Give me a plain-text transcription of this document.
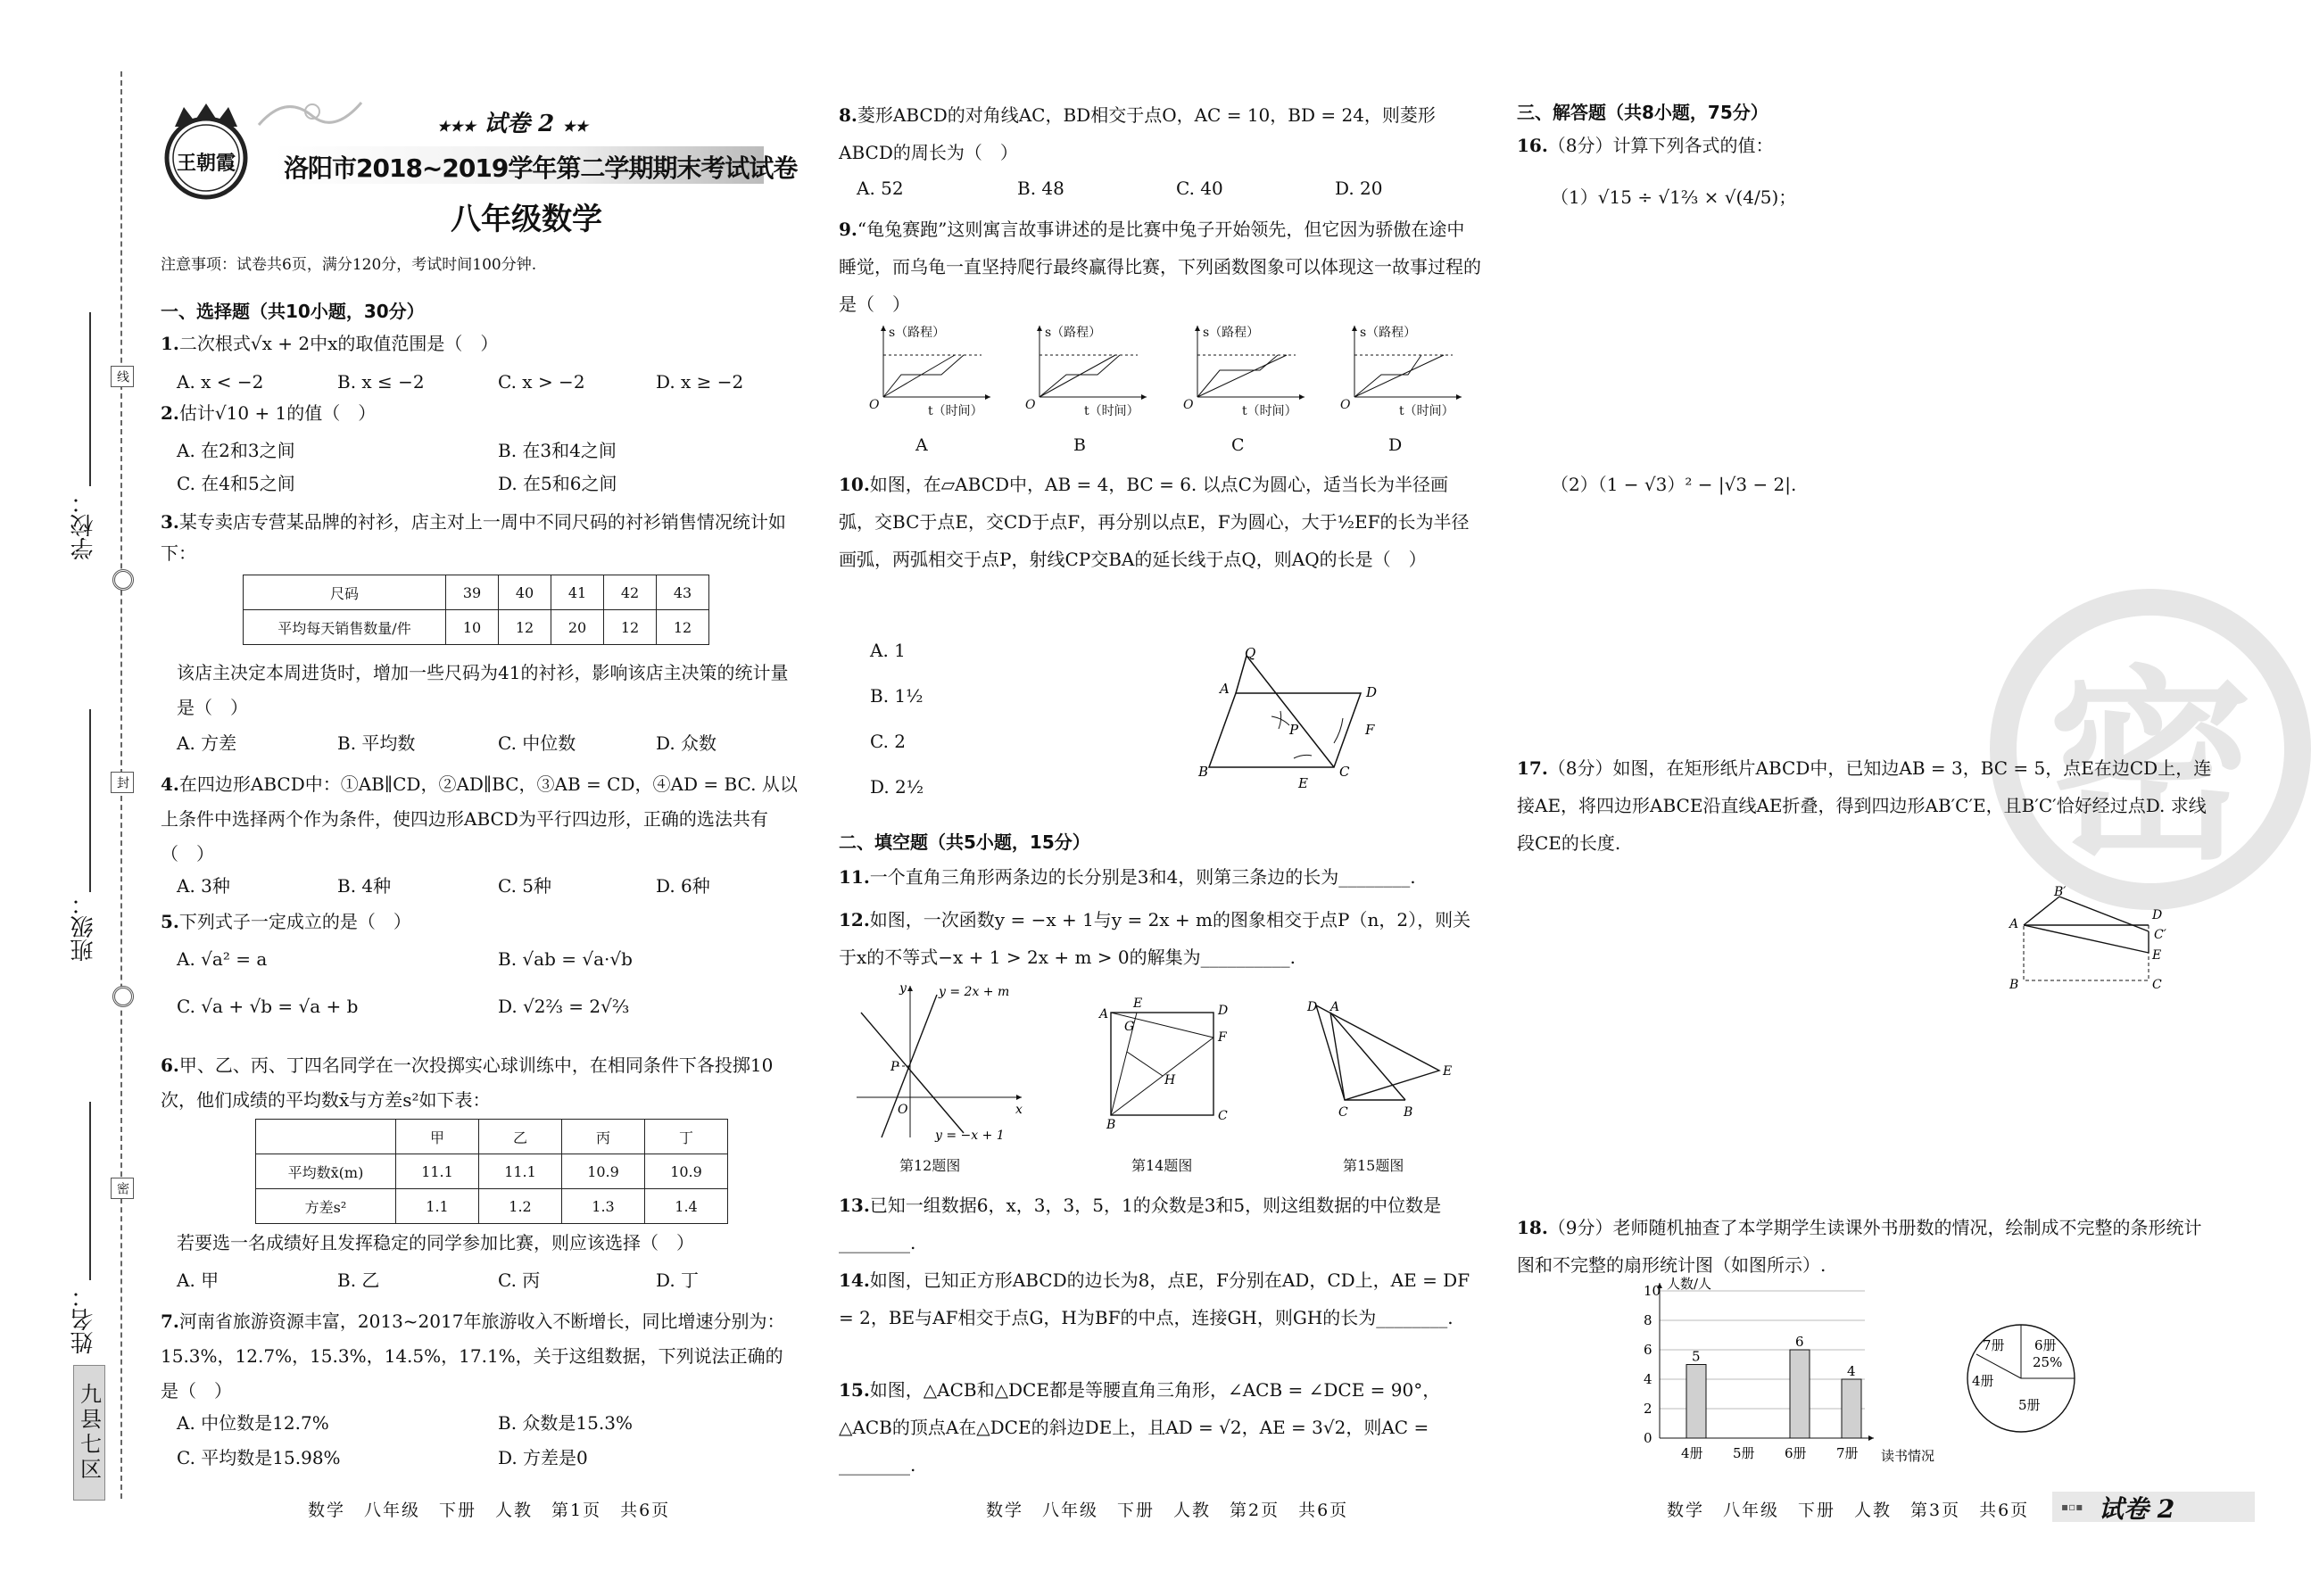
学校：
班级：
姓名：
线
封
密
九县七区
王朝霞
★★★ 试卷 2 ★★
洛阳市2018~2019学年第二学期期末考试试卷
八年级数学
注意事项：试卷共6页，满分120分，考试时间100分钟.
一、选择题（共10小题，30分）
1.二次根式√x + 2中x的取值范围是（　）
A. x < −2	B. x ≤ −2	C. x > −2	D. x ≥ −2
2.估计√10 + 1的值（　）
A. 在2和3之间	B. 在3和4之间
C. 在4和5之间	D. 在5和6之间
3.某专卖店专营某品牌的衬衫，店主对上一周中不同尺码的衬衫销售情况统计如下：
尺码	39	40	41	42	43
平均每天销售数量/件	10	12	20	12	12
该店主决定本周进货时，增加一些尺码为41的衬衫，影响该店主决策的统计量是（　）
A. 方差	B. 平均数	C. 中位数	D. 众数
4.在四边形ABCD中：①AB∥CD，②AD∥BC，③AB = CD，④AD = BC. 从以上条件中选择两个作为条件，使四边形ABCD为平行四边形，正确的选法共有（　）
A. 3种	B. 4种	C. 5种	D. 6种
5.下列式子一定成立的是（　）
A. √a² = a	B. √ab = √a·√b
C. √a + √b = √a + b	D. √2⅔ = 2√⅔
6.甲、乙、丙、丁四名同学在一次投掷实心球训练中，在相同条件下各投掷10次，他们成绩的平均数x̄与方差s²如下表：
	甲	乙	丙	丁
平均数x̄(m)	11.1	11.1	10.9	10.9
方差s²	1.1	1.2	1.3	1.4
若要选一名成绩好且发挥稳定的同学参加比赛，则应该选择（　）
A. 甲	B. 乙	C. 丙	D. 丁
7.河南省旅游资源丰富，2013~2017年旅游收入不断增长，同比增速分别为：15.3%，12.7%，15.3%，14.5%，17.1%，关于这组数据，下列说法正确的是（　）
A. 中位数是12.7%	B. 众数是15.3%
C. 平均数是15.98%	D. 方差是0
8.菱形ABCD的对角线AC，BD相交于点O，AC = 10，BD = 24，则菱形ABCD的周长为（　）
A. 52	B. 48	C. 40	D. 20
9.“龟兔赛跑”这则寓言故事讲述的是比赛中兔子开始领先，但它因为骄傲在途中睡觉，而乌龟一直坚持爬行最终赢得比赛，下列函数图象可以体现这一故事过程的是（　）
s（路程）
t（时间）
O
s（路程）
t（时间）
O
s（路程）
t（时间）
O
s（路程）
t（时间）
O
A	B	C	D
10.如图，在▱ABCD中，AB = 4，BC = 6. 以点C为圆心，适当长为半径画弧，交BC于点E，交CD于点F，再分别以点E，F为圆心，大于½EF的长为半径画弧，两弧相交于点P，射线CP交BA的延长线于点Q，则AQ的长是（　）
A. 1
B. 1½
C. 2
D. 2½
Q
A	D
P	F
B
E
C
二、填空题（共5小题，15分）
11.一个直角三角形两条边的长分别是3和4，则第三条边的长为________.
12.如图，一次函数y = −x + 1与y = 2x + m的图象相交于点P（n，2），则关于x的不等式−x + 1 > 2x + m > 0的解集为__________.
y = 2x + m
y = −x + 1
y
x
O
P
第12题图
E	D
A
G
F
H
B
C
第14题图
D A
E
C	B
第15题图
13.已知一组数据6，x，3，3，5，1的众数是3和5，则这组数据的中位数是________.
14.如图，已知正方形ABCD的边长为8，点E，F分别在AD，CD上，AE = DF = 2，BE与AF相交于点G，H为BF的中点，连接GH，则GH的长为________.
15.如图，△ACB和△DCE都是等腰直角三角形，∠ACB = ∠DCE = 90°，△ACB的顶点A在△DCE的斜边DE上，且AD = √2，AE = 3√2，则AC = ________.
三、解答题（共8小题，75分）
16.（8分）计算下列各式的值：
（1）√15 ÷ √1⅔ × √(4/5)；
（2）（1 − √3）² − |√3 − 2|.
密
17.（8分）如图，在矩形纸片ABCD中，已知边AB = 3，BC = 5，点E在边CD上，连接AE，将四边形ABCE沿直线AE折叠，得到四边形AB′C′E，且B′C′恰好经过点D. 求线段CE的长度.
B′
A
D
C′
E
B	C
18.（9分）老师随机抽查了本学期学生读课外书册数的情况，绘制成不完整的条形统计图和不完整的扇形统计图（如图所示）.
0
2
4
6
8
10
5
4册 5册
6
6册
4
7册
人数/人
读书情况
7册 6册
25%
4册
5册
数学　八年级　下册　人教　第1页　共6页	数学　八年级　下册　人教　第2页　共6页	数学　八年级　下册　人教　第3页　共6页	▪▫▪ 试卷 2
